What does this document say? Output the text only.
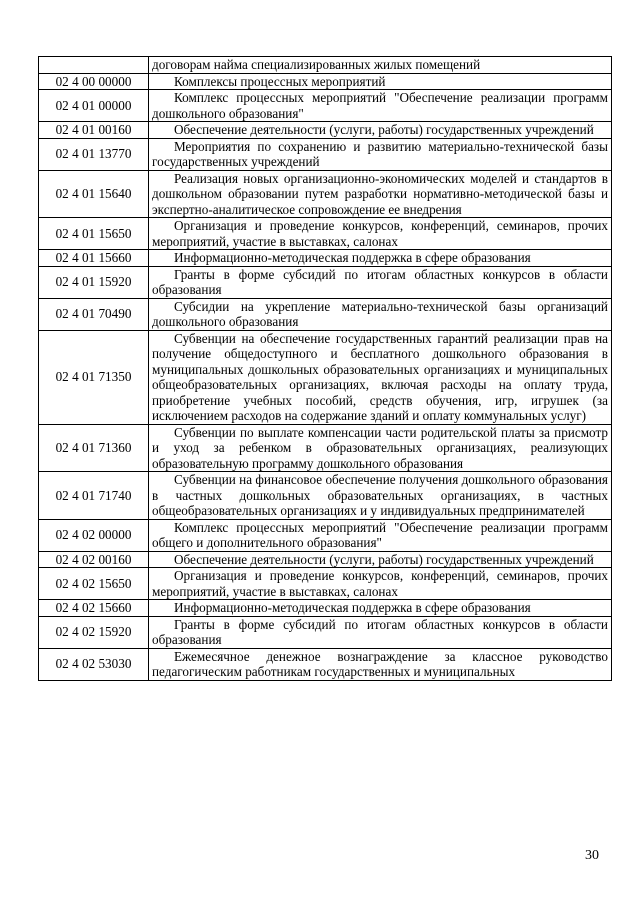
	договорам найма специализированных жилых помещений
02 4 00 00000	Комплексы процессных мероприятий
02 4 01 00000	Комплекс процессных мероприятий "Обеспечение реализации программ дошкольного образования"
02 4 01 00160	Обеспечение деятельности (услуги, работы) государственных учреждений
02 4 01 13770	Мероприятия по сохранению и развитию материально-технической базы государственных учреждений
02 4 01 15640	Реализация новых организационно-экономических моделей и стандартов в дошкольном образовании путем разработки нормативно-методической базы и экспертно-аналитическое сопровождение ее внедрения
02 4 01 15650	Организация и проведение конкурсов, конференций, семинаров, прочих мероприятий, участие в выставках, салонах
02 4 01 15660	Информационно-методическая поддержка в сфере образования
02 4 01 15920	Гранты в форме субсидий по итогам областных конкурсов в области образования
02 4 01 70490	Субсидии на укрепление материально-технической базы организаций дошкольного образования
02 4 01 71350	Субвенции на обеспечение государственных гарантий реализации прав на получение общедоступного и бесплатного дошкольного образования в муниципальных дошкольных образовательных организациях и муниципальных общеобразовательных организациях, включая расходы на оплату труда, приобретение учебных пособий, средств обучения, игр, игрушек (за исключением расходов на содержание зданий и оплату коммунальных услуг)
02 4 01 71360	Субвенции по выплате компенсации части родительской платы за присмотр и уход за ребенком в образовательных организациях, реализующих образовательную программу дошкольного образования
02 4 01 71740	Субвенции на финансовое обеспечение получения дошкольного образования в частных дошкольных образовательных организациях, в частных общеобразовательных организациях и у индивидуальных предпринимателей
02 4 02 00000	Комплекс процессных мероприятий "Обеспечение реализации программ общего и дополнительного образования"
02 4 02 00160	Обеспечение деятельности (услуги, работы) государственных учреждений
02 4 02 15650	Организация и проведение конкурсов, конференций, семинаров, прочих мероприятий, участие в выставках, салонах
02 4 02 15660	Информационно-методическая поддержка в сфере образования
02 4 02 15920	Гранты в форме субсидий по итогам областных конкурсов в области образования
02 4 02 53030	Ежемесячное денежное вознаграждение за классное руководство педагогическим работникам государственных и муниципальных
30
